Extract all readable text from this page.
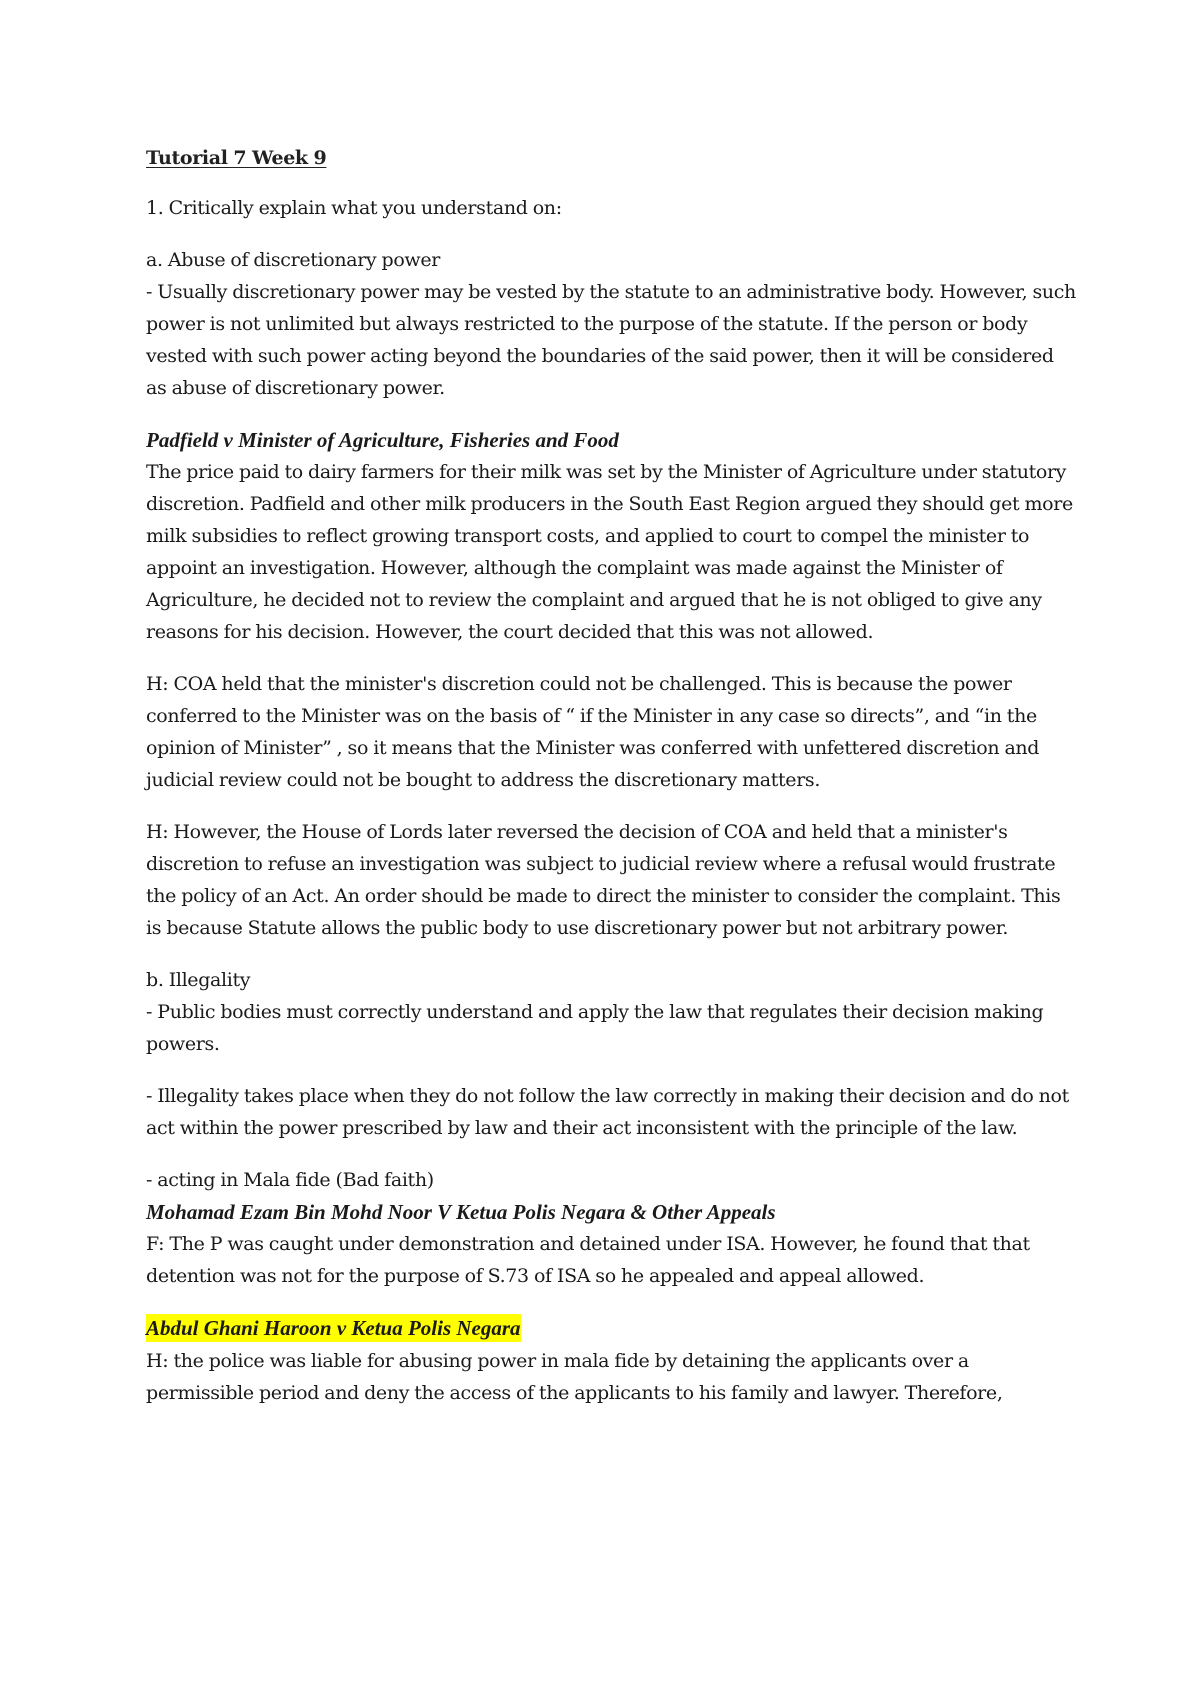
Tutorial 7 Week 9

1. Critically explain what you understand on:

a. Abuse of discretionary power
- Usually discretionary power may be vested by the statute to an administrative body. However, such power is not unlimited but always restricted to the purpose of the statute. If the person or body vested with such power acting beyond the boundaries of the said power, then it will be considered as abuse of discretionary power.

Padfield v Minister of Agriculture, Fisheries and Food
The price paid to dairy farmers for their milk was set by the Minister of Agriculture under statutory discretion. Padfield and other milk producers in the South East Region argued they should get more milk subsidies to reflect growing transport costs, and applied to court to compel the minister to appoint an investigation. However, although the complaint was made against the Minister of Agriculture, he decided not to review the complaint and argued that he is not obliged to give any reasons for his decision. However, the court decided that this was not allowed.

H: COA held that the minister's discretion could not be challenged. This is because the power conferred to the Minister was on the basis of “ if the Minister in any case so directs”, and “in the opinion of Minister” , so it means that the Minister was conferred with unfettered discretion and judicial review could not be bought to address the discretionary matters.

H: However, the House of Lords later reversed the decision of COA and held that a minister's discretion to refuse an investigation was subject to judicial review where a refusal would frustrate the policy of an Act. An order should be made to direct the minister to consider the complaint. This is because Statute allows the public body to use discretionary power but not arbitrary power.

b. Illegality
- Public bodies must correctly understand and apply the law that regulates their decision making powers.

- Illegality takes place when they do not follow the law correctly in making their decision and do not act within the power prescribed by law and their act inconsistent with the principle of the law.

- acting in Mala fide (Bad faith)
Mohamad Ezam Bin Mohd Noor V Ketua Polis Negara & Other Appeals
F: The P was caught under demonstration and detained under ISA. However, he found that that detention was not for the purpose of S.73 of ISA so he appealed and appeal allowed.

Abdul Ghani Haroon v Ketua Polis Negara
H: the police was liable for abusing power in mala fide by detaining the applicants over a permissible period and deny the access of the applicants to his family and lawyer. Therefore,
